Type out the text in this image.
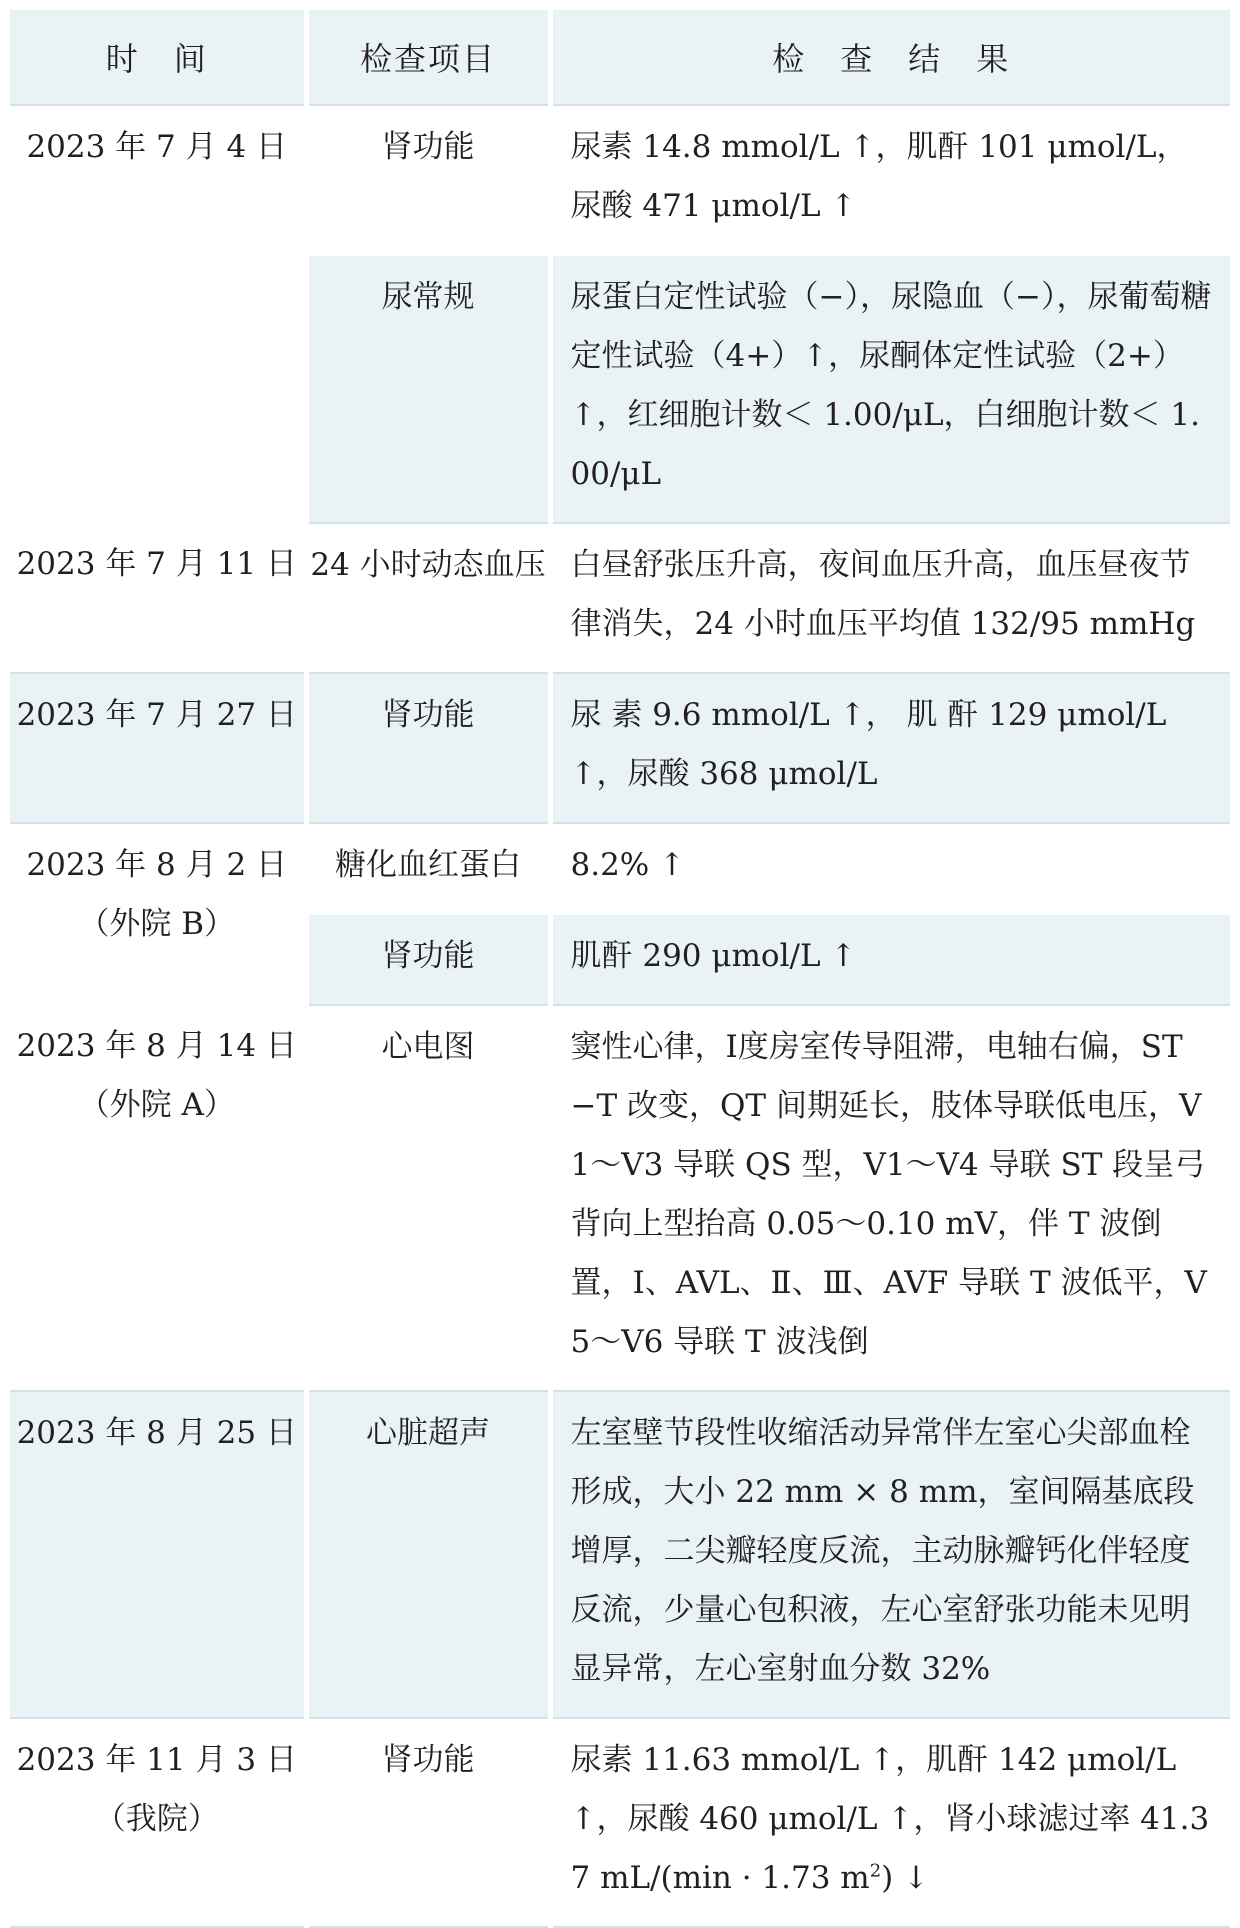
时　间	检查项目	检　查　结　果

2023 年 7 月 4 日	肾功能	尿素 14.8 mmol/L ↑，肌酐 101 μmol/L，尿酸 471 μmol/L ↑
	尿常规	尿蛋白定性试验（−），尿隐血（−），尿葡萄糖定性试验（4+）↑，尿酮体定性试验（2+）↑，红细胞计数＜ 1.00/μL，白细胞计数＜ 1.00/μL

2023 年 7 月 11 日	24 小时动态血压	白昼舒张压升高，夜间血压升高，血压昼夜节律消失，24 小时血压平均值 132/95 mmHg

2023 年 7 月 27 日	肾功能	尿 素 9.6 mmol/L ↑， 肌 酐 129 μmol/L ↑，尿酸 368 μmol/L

2023 年 8 月 2 日
（外院 B）	糖化血红蛋白	8.2% ↑
	肾功能	肌酐 290 μmol/L ↑

2023 年 8 月 14 日
（外院 A）	心电图	窦性心律，Ⅰ度房室传导阻滞，电轴右偏，ST−T 改变，QT 间期延长，肢体导联低电压，V1～V3 导联 QS 型，V1～V4 导联 ST 段呈弓背向上型抬高 0.05～0.10 mV，伴 T 波倒置，Ⅰ、AVL、Ⅱ、Ⅲ、AVF 导联 T 波低平，V5～V6 导联 T 波浅倒

2023 年 8 月 25 日	心脏超声	左室壁节段性收缩活动异常伴左室心尖部血栓形成，大小 22 mm × 8 mm，室间隔基底段增厚，二尖瓣轻度反流，主动脉瓣钙化伴轻度反流，少量心包积液，左心室舒张功能未见明显异常，左心室射血分数 32%

2023 年 11 月 3 日
（我院）	肾功能	尿素 11.63 mmol/L ↑，肌酐 142 μmol/L ↑，尿酸 460 μmol/L ↑，肾小球滤过率 41.37 mL/(min · 1.73 $m^2$) ↓
